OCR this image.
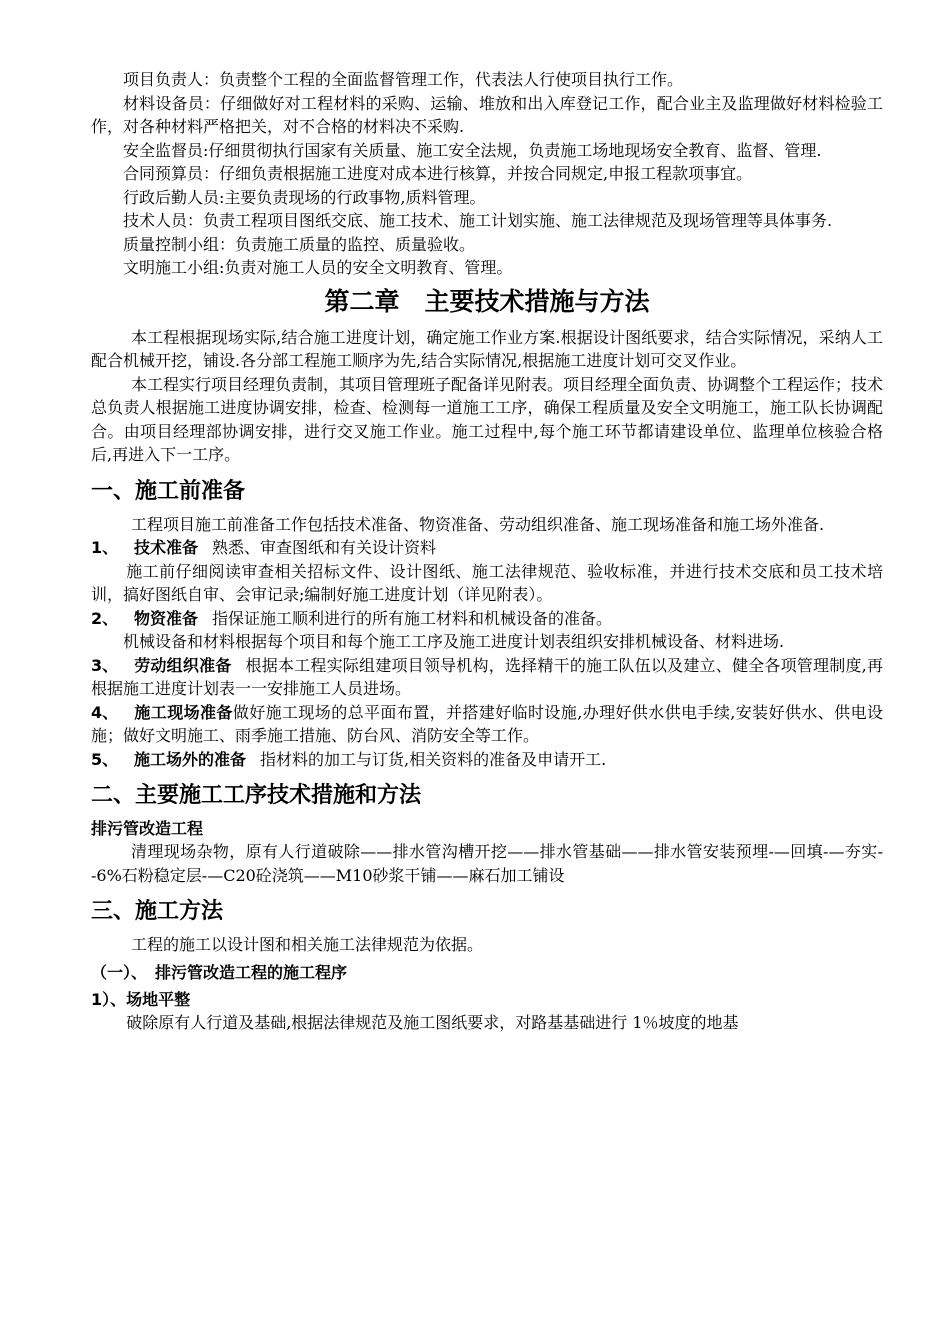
项目负责人：负责整个工程的全面监督管理工作，代表法人行使项目执行工作。

材料设备员：仔细做好对工程材料的采购、运输、堆放和出入库登记工作，配合业主及监理做好材料检验工作，对各种材料严格把关，对不合格的材料决不采购.

安全监督员:仔细贯彻执行国家有关质量、施工安全法规，负责施工场地现场安全教育、监督、管理.

合同预算员：仔细负责根据施工进度对成本进行核算，并按合同规定,申报工程款项事宜。

行政后勤人员:主要负责现场的行政事物,质料管理。

技术人员：负责工程项目图纸交底、施工技术、施工计划实施、施工法律规范及现场管理等具体事务.

质量控制小组：负责施工质量的监控、质量验收。

文明施工小组:负责对施工人员的安全文明教育、管理。

第二章　主要技术措施与方法

本工程根据现场实际,结合施工进度计划，确定施工作业方案.根据设计图纸要求，结合实际情况，采纳人工配合机械开挖，铺设.各分部工程施工顺序为先,结合实际情况,根据施工进度计划可交叉作业。

本工程实行项目经理负责制，其项目管理班子配备详见附表。项目经理全面负责、协调整个工程运作；技术总负责人根据施工进度协调安排，检查、检测每一道施工工序，确保工程质量及安全文明施工，施工队长协调配合。由项目经理部协调安排，进行交叉施工作业。施工过程中,每个施工环节都请建设单位、监理单位核验合格后,再进入下一工序。

一、施工前准备

工程项目施工前准备工作包括技术准备、物资准备、劳动组织准备、施工现场准备和施工场外准备.

1、 技术准备 熟悉、审查图纸和有关设计资料

施工前仔细阅读审查相关招标文件、设计图纸、施工法律规范、验收标准，并进行技术交底和员工技术培训，搞好图纸自审、会审记录;编制好施工进度计划（详见附表）。

2、 物资准备 指保证施工顺利进行的所有施工材料和机械设备的准备。

机械设备和材料根据每个项目和每个施工工序及施工进度计划表组织安排机械设备、材料进场.

3、 劳动组织准备 根据本工程实际组建项目领导机构，选择精干的施工队伍以及建立、健全各项管理制度,再根据施工进度计划表一一安排施工人员进场。

4、 施工现场准备做好施工现场的总平面布置，并搭建好临时设施,办理好供水供电手续,安装好供水、供电设施；做好文明施工、雨季施工措施、防台风、消防安全等工作。

5、 施工场外的准备 指材料的加工与订货,相关资料的准备及申请开工.

二、主要施工工序技术措施和方法
排污管改造工程

清理现场杂物，原有人行道破除——排水管沟槽开挖——排水管基础——排水管安装预埋-—回填-—夯实--6%石粉稳定层-—C20砼浇筑——M10砂浆干铺——麻石加工铺设

三、施工方法

工程的施工以设计图和相关施工法律规范为依据。

（一）、　排污管改造工程的施工程序
1）、场地平整

破除原有人行道及基础,根据法律规范及施工图纸要求，对路基基础进行 1％坡度的地基
